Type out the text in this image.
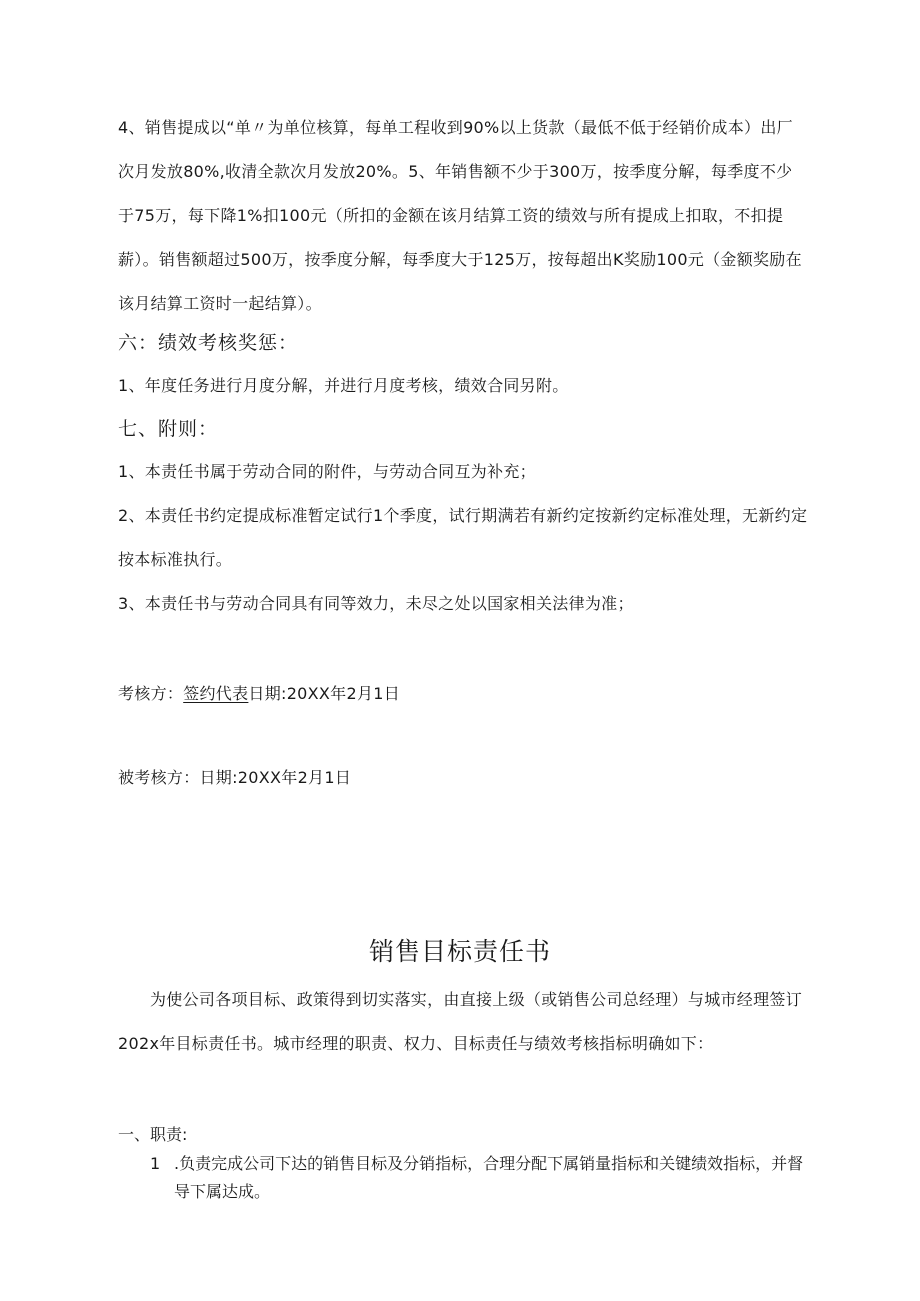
4、销售提成以“单〃为单位核算，每单工程收到90%以上货款（最低不低于经销价成本）出厂次月发放80%,收清全款次月发放20%。5、年销售额不少于300万，按季度分解，每季度不少于75万，每下降1%扣100元（所扣的金额在该月结算工资的绩效与所有提成上扣取，不扣提薪）。销售额超过500万，按季度分解，每季度大于125万，按每超出K奖励100元（金额奖励在该月结算工资时一起结算）。

六：绩效考核奖惩：

1、年度任务进行月度分解，并进行月度考核，绩效合同另附。

七、附则：

1、本责任书属于劳动合同的附件，与劳动合同互为补充；

2、本责任书约定提成标准暂定试行1个季度，试行期满若有新约定按新约定标准处理，无新约定按本标准执行。

3、本责任书与劳动合同具有同等效力，未尽之处以国家相关法律为准；

考核方：签约代表日期:20XX年2月1日
被考核方：日期:20XX年2月1日
销售目标责任书

为使公司各项目标、政策得到切实落实，由直接上级（或销售公司总经理）与城市经理签订202x年目标责任书。城市经理的职责、权力、目标责任与绩效考核指标明确如下：

一、职责:
1 .负责完成公司下达的销售目标及分销指标，合理分配下属销量指标和关键绩效指标，并督导下属达成。
